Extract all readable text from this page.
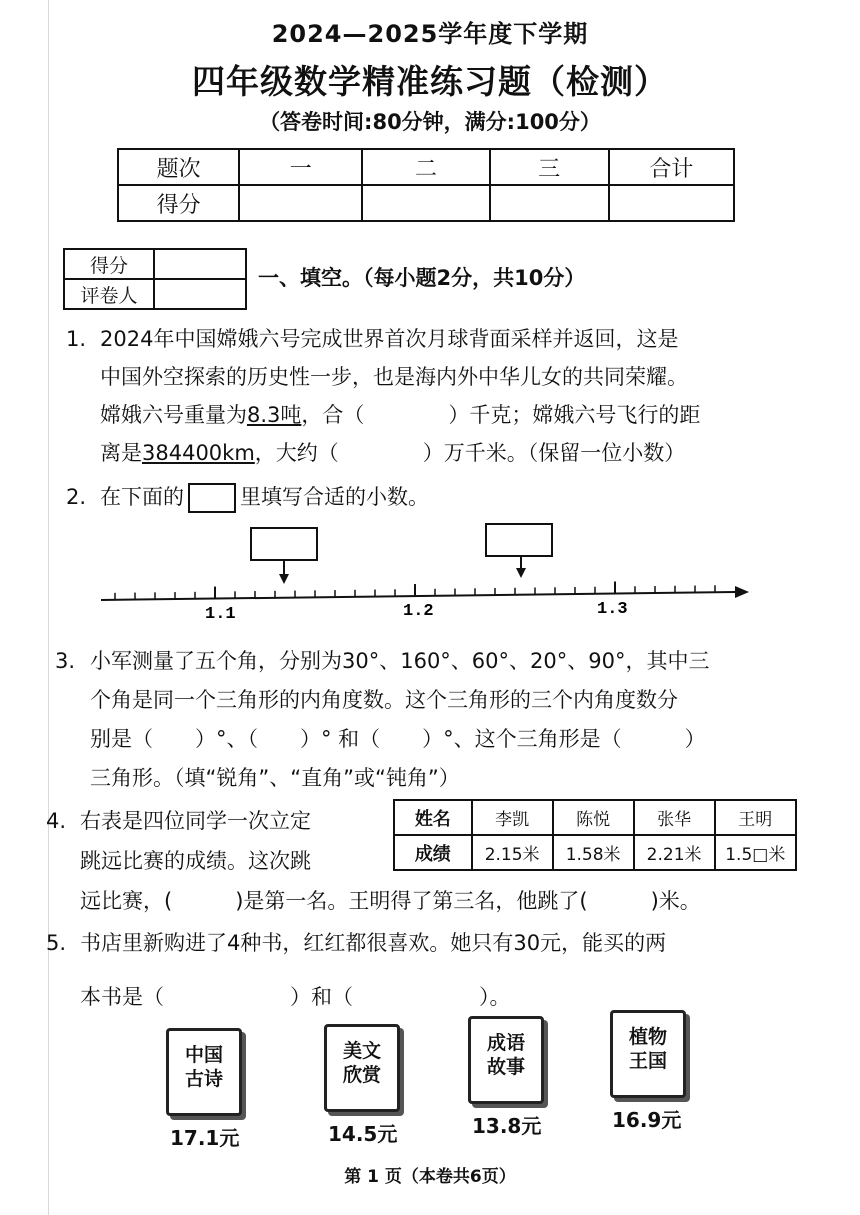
2024—2025学年度下学期
四年级数学精准练习题（检测）
（答卷时间:80分钟，满分:100分）
题次	一	二	三	合计
得分				
得分	
评卷人	
一、填空。（每小题2分，共10分）
1. 2024年中国嫦娥六号完成世界首次月球背面采样并返回，这是
中国外空探索的历史性一步，也是海内外中华儿女的共同荣耀。
嫦娥六号重量为8.3吨，合（　　　　）千克；嫦娥六号飞行的距
离是384400km，大约（　　　　）万千米。（保留一位小数）
2. 在下面的	里填写合适的小数。
1.1	1.2	1.3
3. 小军测量了五个角，分别为30°、160°、60°、20°、90°，其中三
个角是同一个三角形的内角度数。这个三角形的三个内角度数分
别是（　　）°、（　　）° 和（　　）°、这个三角形是（　　　）
三角形。（填“锐角”、“直角”或“钝角”）
4. 右表是四位同学一次立定
跳远比赛的成绩。这次跳
远比赛，(　　　)是第一名。王明得了第三名，他跳了(　　　)米。
姓名	李凯	陈悦	张华	王明
成绩	2.15米	1.58米	2.21米	1.5□米
5. 书店里新购进了4种书，红红都很喜欢。她只有30元，能买的两
本书是（　　　　　　）和（　　　　　　）。
中国古诗
17.1元
美文欣赏
14.5元
成语故事
13.8元
植物王国
16.9元
第 1 页（本卷共6页）
